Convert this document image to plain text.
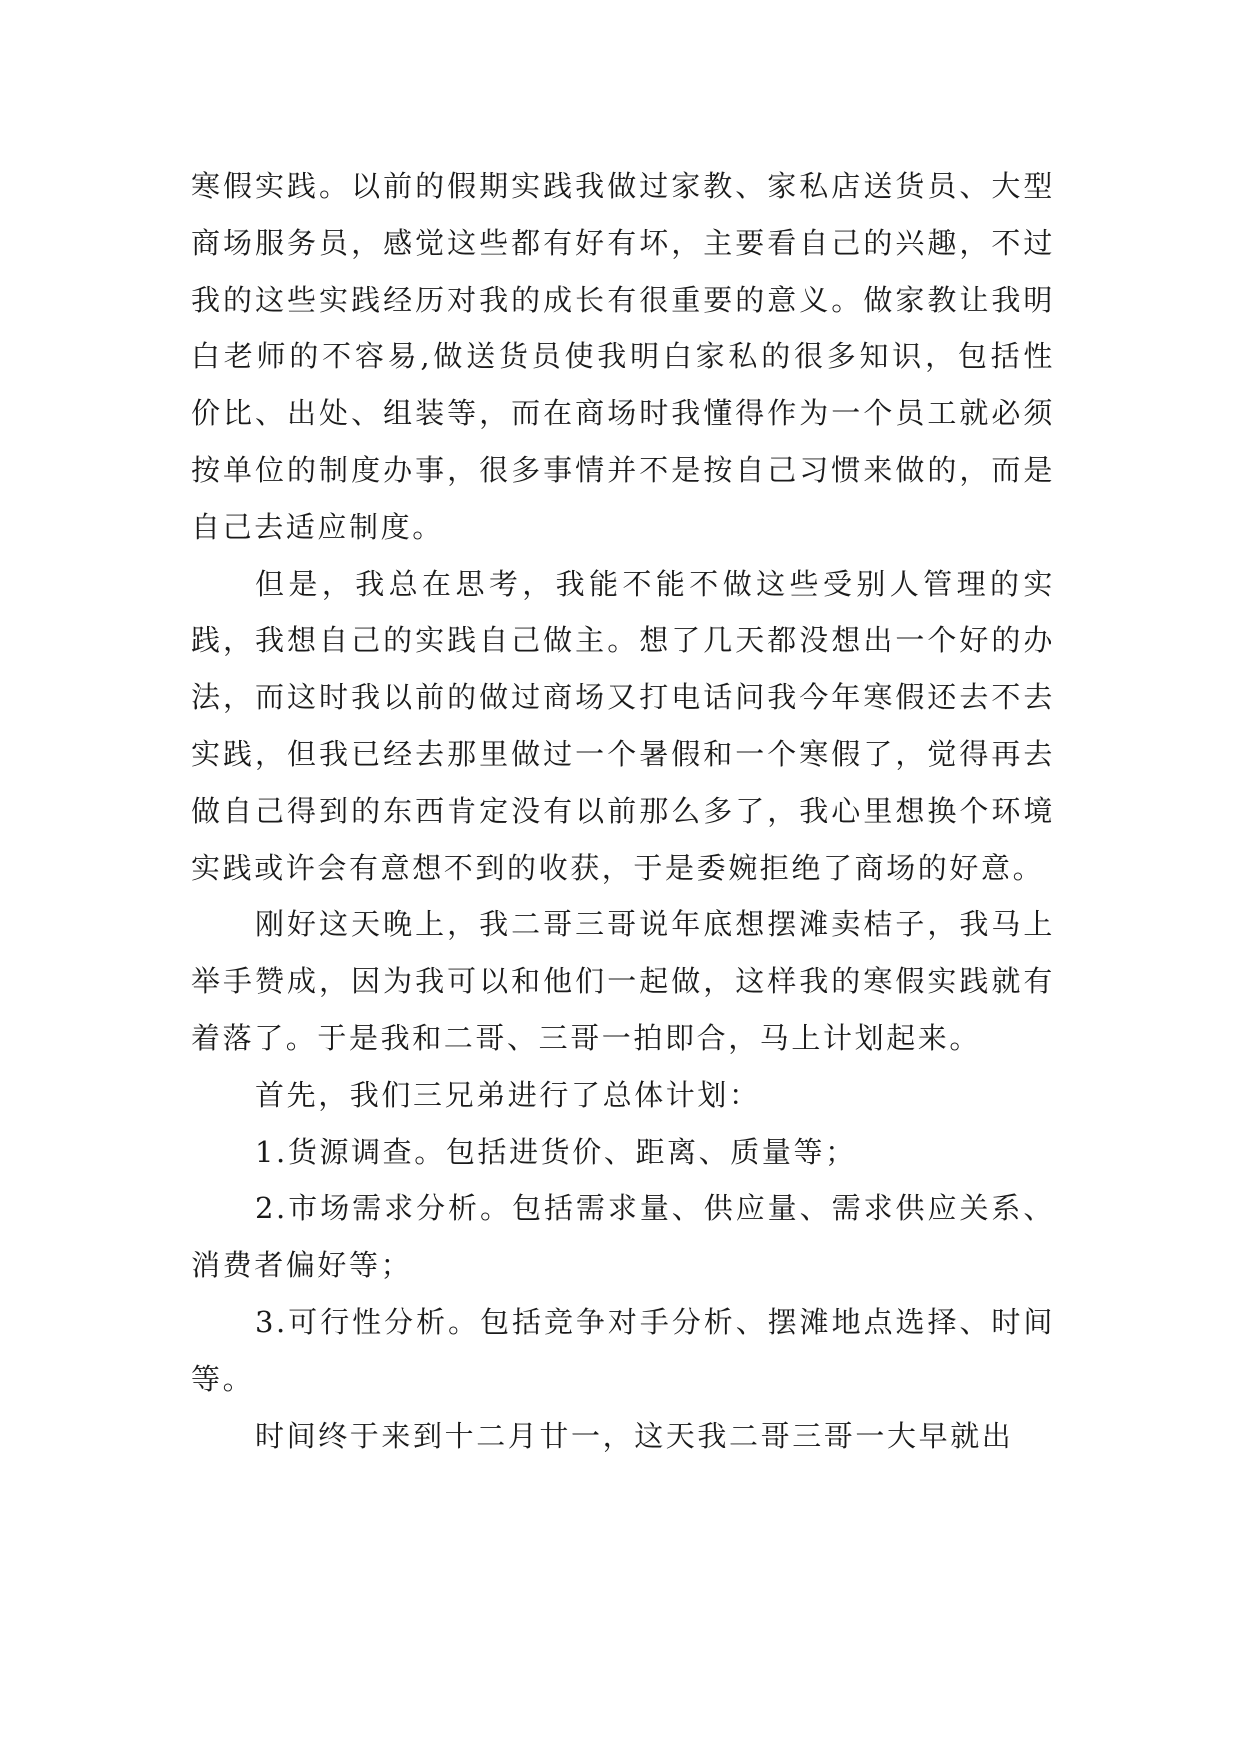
寒假实践。以前的假期实践我做过家教、家私店送货员、大型商场服务员，感觉这些都有好有坏，主要看自己的兴趣，不过我的这些实践经历对我的成长有很重要的意义。做家教让我明白老师的不容易,做送货员使我明白家私的很多知识，包括性价比、出处、组装等，而在商场时我懂得作为一个员工就必须按单位的制度办事，很多事情并不是按自己习惯来做的，而是自己去适应制度。

但是，我总在思考，我能不能不做这些受别人管理的实践，我想自己的实践自己做主。想了几天都没想出一个好的办法，而这时我以前的做过商场又打电话问我今年寒假还去不去实践，但我已经去那里做过一个暑假和一个寒假了，觉得再去做自己得到的东西肯定没有以前那么多了，我心里想换个环境实践或许会有意想不到的收获，于是委婉拒绝了商场的好意。

刚好这天晚上，我二哥三哥说年底想摆滩卖桔子，我马上举手赞成，因为我可以和他们一起做，这样我的寒假实践就有着落了。于是我和二哥、三哥一拍即合，马上计划起来。

首先，我们三兄弟进行了总体计划：

1.货源调查。包括进货价、距离、质量等；

2.市场需求分析。包括需求量、供应量、需求供应关系、消费者偏好等；

3.可行性分析。包括竞争对手分析、摆滩地点选择、时间等。

时间终于来到十二月廿一，这天我二哥三哥一大早就出
